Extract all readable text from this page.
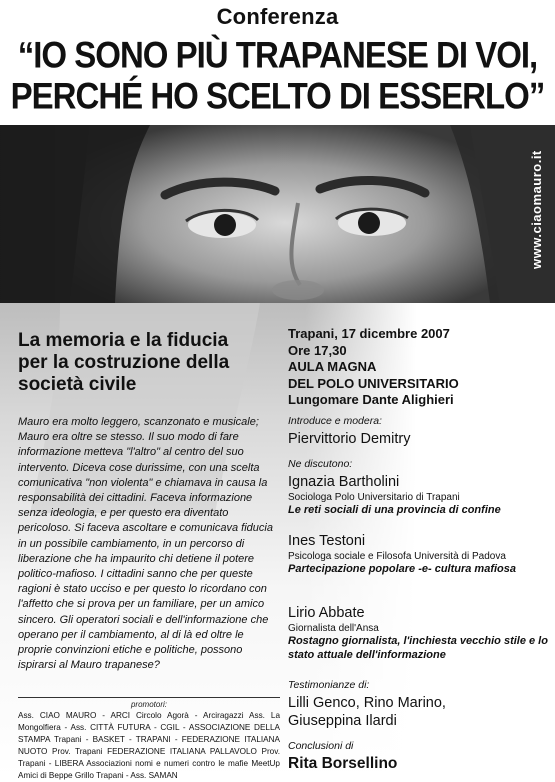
Conferenza
“IO SONO PIÙ TRAPANESE DI VOI,
PERCHÉ HO SCELTO DI ESSERLO”
www.ciaomauro.it
La memoria e la fiducia
per la costruzione della
società civile
Mauro era molto leggero, scanzonato e musicale; Mauro era oltre se stesso. Il suo modo di fare informazione metteva "l'altro" al centro del suo intervento. Diceva cose durissime, con una scelta comunicativa "non violenta" e chiamava in causa la responsabilità dei cittadini. Faceva informazione senza ideologia, e per questo era diventato pericoloso. Si faceva ascoltare e comunicava fiducia in un possibile cambiamento, in un percorso di liberazione che ha impaurito chi detiene il potere politico-mafioso. I cittadini sanno che per queste ragioni è stato ucciso e per questo lo ricordano con l'affetto che si prova per un familiare, per un amico sincero. Gli operatori sociali e dell'informazione che operano per il cambiamento, al di là ed oltre le proprie convinzioni etiche e politiche, possono ispirarsi al Mauro trapanese?
promotori:
Ass. CIAO MAURO - ARCI Circolo Agorà - Arciragazzi Ass. La Mongolfiera - Ass. CITTÀ FUTURA - CGIL - ASSOCIAZIONE DELLA STAMPA Trapani - BASKET - TRAPANI - FEDERAZIONE ITALIANA NUOTO Prov. Trapani FEDERAZIONE ITALIANA PALLAVOLO Prov. Trapani - LIBERA Associazioni nomi e numeri contro le mafie MeetUp Amici di Beppe Grillo Trapani - Ass. SAMAN
Trapani, 17 dicembre 2007
Ore 17,30
AULA MAGNA
DEL POLO UNIVERSITARIO
Lungomare Dante Alighieri
Introduce e modera:
Piervittorio Demitry
Ne discutono:
Ignazia Bartholini
Sociologa Polo Universitario di Trapani
Le reti sociali di una provincia di confine
Ines Testoni
Psicologa sociale e Filosofa Università di Padova
Partecipazione popolare -e- cultura mafiosa
Lirio Abbate
Giornalista dell'Ansa
Rostagno giornalista, l'inchiesta vecchio stile e lo stato attuale dell'informazione
Testimonianze di:
Lilli Genco, Rino Marino,
Giuseppina Ilardi
Conclusioni di
Rita Borsellino
